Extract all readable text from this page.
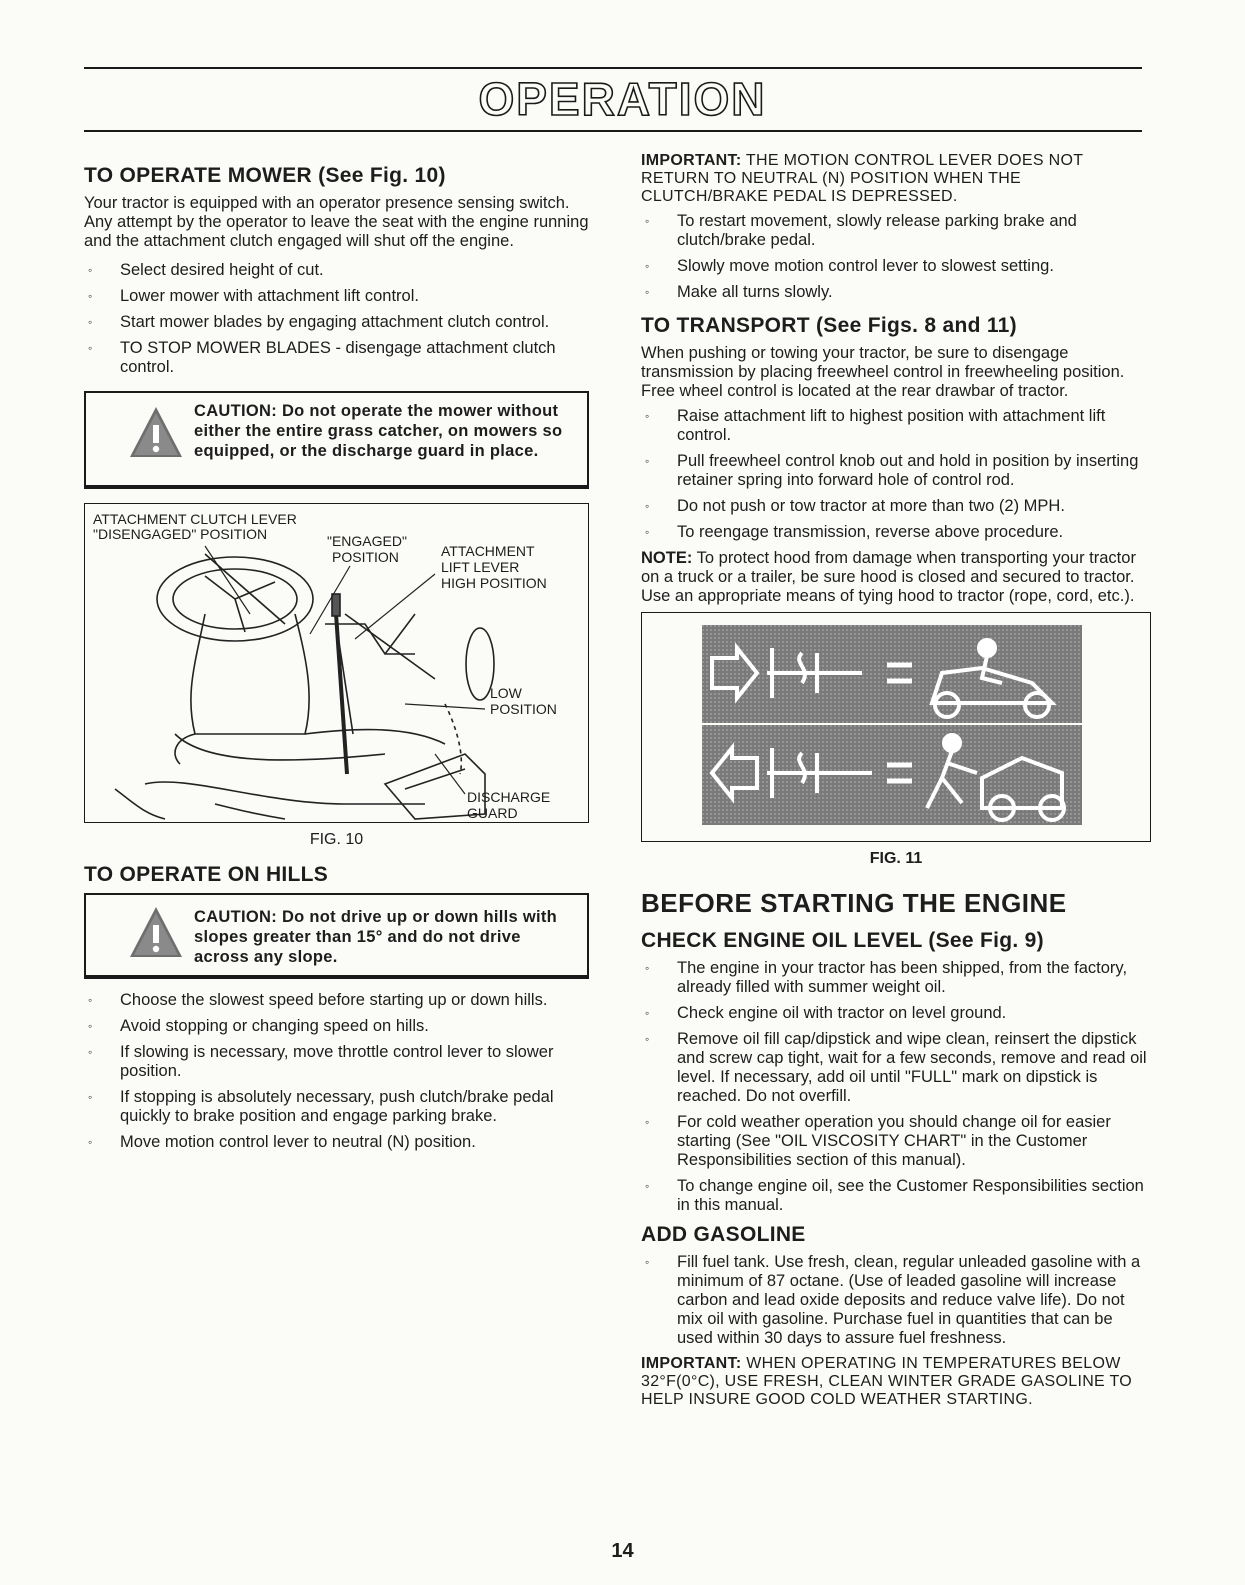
OPERATION
TO OPERATE MOWER (See Fig. 10)

Your tractor is equipped with an operator presence sensing switch. Any attempt by the operator to leave the seat with the engine running and the attachment clutch engaged will shut off the engine.

◦ Select desired height of cut.
◦ Lower mower with attachment lift control.
◦ Start mower blades by engaging attachment clutch control.
◦ TO STOP MOWER BLADES - disengage attachment clutch control.
CAUTION: Do not operate the mower without either the entire grass catcher, on mowers so equipped, or the discharge guard in place.
ATTACHMENT CLUTCH LEVER
"DISENGAGED" POSITION	"ENGAGED"
POSITION	ATTACHMENT
LIFT LEVER
HIGH POSITION
LOW
POSITION
DISCHARGE
GUARD
FIG. 10
TO OPERATE ON HILLS
CAUTION: Do not drive up or down hills with slopes greater than 15° and do not drive across any slope.
◦ Choose the slowest speed before starting up or down hills.
◦ Avoid stopping or changing speed on hills.
◦ If slowing is necessary, move throttle control lever to slower position.
◦ If stopping is absolutely necessary, push clutch/brake pedal quickly to brake position and engage parking brake.
◦ Move motion control lever to neutral (N) position.

IMPORTANT: THE MOTION CONTROL LEVER DOES NOT RETURN TO NEUTRAL (N) POSITION WHEN THE CLUTCH/BRAKE PEDAL IS DEPRESSED.

◦ To restart movement, slowly release parking brake and clutch/brake pedal.
◦ Slowly move motion control lever to slowest setting.
◦ Make all turns slowly.
TO TRANSPORT (See Figs. 8 and 11)

When pushing or towing your tractor, be sure to disengage transmission by placing freewheel control in freewheeling position. Free wheel control is located at the rear drawbar of tractor.

◦ Raise attachment lift to highest position with attachment lift control.
◦ Pull freewheel control knob out and hold in position by inserting retainer spring into forward hole of control rod.
◦ Do not push or tow tractor at more than two (2) MPH.
◦ To reengage transmission, reverse above procedure.

NOTE: To protect hood from damage when transporting your tractor on a truck or a trailer, be sure hood is closed and secured to tractor. Use an appropriate means of tying hood to tractor (rope, cord, etc.).

FIG. 11
BEFORE STARTING THE ENGINE
CHECK ENGINE OIL LEVEL (See Fig. 9)
◦ The engine in your tractor has been shipped, from the factory, already filled with summer weight oil.
◦ Check engine oil with tractor on level ground.
◦ Remove oil fill cap/dipstick and wipe clean, reinsert the dipstick and screw cap tight, wait for a few seconds, remove and read oil level. If necessary, add oil until "FULL" mark on dipstick is reached. Do not overfill.
◦ For cold weather operation you should change oil for easier starting (See "OIL VISCOSITY CHART" in the Customer Responsibilities section of this manual).
◦ To change engine oil, see the Customer Responsibilities section in this manual.
ADD GASOLINE
◦ Fill fuel tank. Use fresh, clean, regular unleaded gasoline with a minimum of 87 octane. (Use of leaded gasoline will increase carbon and lead oxide deposits and reduce valve life). Do not mix oil with gasoline. Purchase fuel in quantities that can be used within 30 days to assure fuel freshness.

IMPORTANT: WHEN OPERATING IN TEMPERATURES BELOW 32°F(0°C), USE FRESH, CLEAN WINTER GRADE GASOLINE TO HELP INSURE GOOD COLD WEATHER STARTING.

14
